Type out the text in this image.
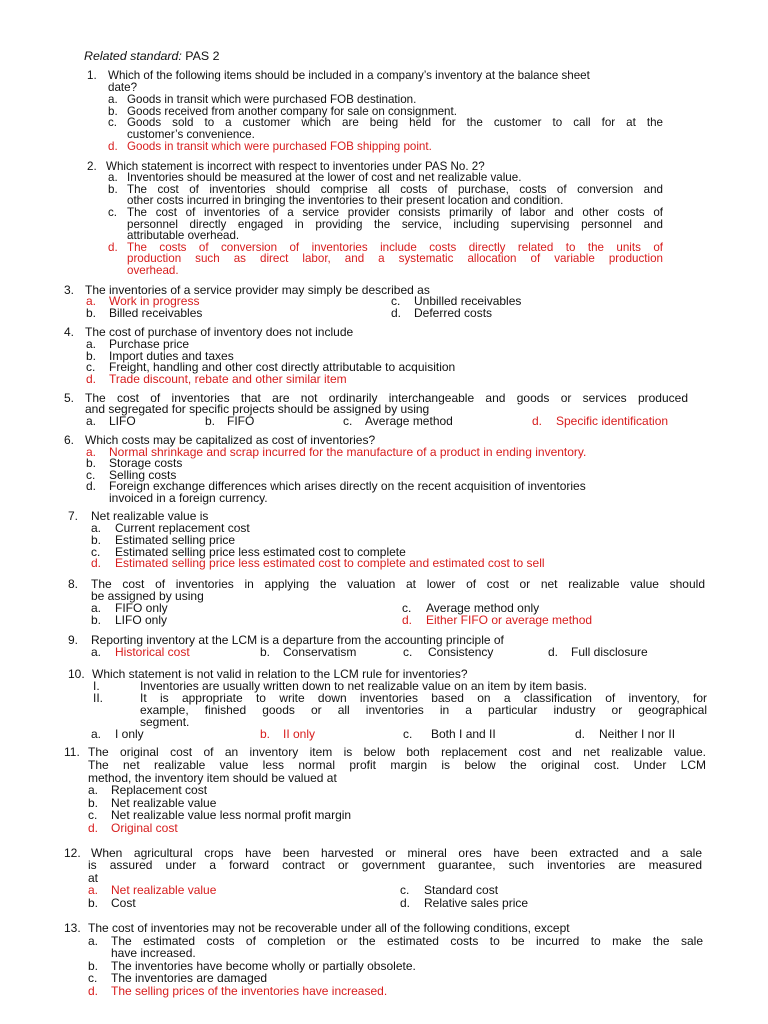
Related standard: PAS 2
1. Which of the following items should be included in a company’s inventory at the balance sheet
date?
a. Goods in transit which were purchased FOB destination.
b. Goods received from another company for sale on consignment.
c. Goods sold to a customer which are being held for the customer to call for at the
customer’s convenience.
d. Goods in transit which were purchased FOB shipping point.
2. Which statement is incorrect with respect to inventories under PAS No. 2?
a. Inventories should be measured at the lower of cost and net realizable value.
b. The cost of inventories should comprise all costs of purchase, costs of conversion and
other costs incurred in bringing the inventories to their present location and condition.
c. The cost of inventories of a service provider consists primarily of labor and other costs of
personnel directly engaged in providing the service, including supervising personnel and
attributable overhead.
d. The costs of conversion of inventories include costs directly related to the units of
production such as direct labor, and a systematic allocation of variable production
overhead.
3. The inventories of a service provider may simply be described as
a. Work in progress
b. Billed receivables
c. Unbilled receivables
d. Deferred costs
4. The cost of purchase of inventory does not include
a. Purchase price
b. Import duties and taxes
c. Freight, handling and other cost directly attributable to acquisition
d. Trade discount, rebate and other similar item
5. The cost of inventories that are not ordinarily interchangeable and goods or services produced
and segregated for specific projects should be assigned by using
a. LIFO	b. FIFO	c. Average method	d. Specific identification
6. Which costs may be capitalized as cost of inventories?
a. Normal shrinkage and scrap incurred for the manufacture of a product in ending inventory.
b. Storage costs
c. Selling costs
d. Foreign exchange differences which arises directly on the recent acquisition of inventories
invoiced in a foreign currency.
7. Net realizable value is
a. Current replacement cost
b. Estimated selling price
c. Estimated selling price less estimated cost to complete
d. Estimated selling price less estimated cost to complete and estimated cost to sell
8. The cost of inventories in applying the valuation at lower of cost or net realizable value should
be assigned by using
a. FIFO only
b. LIFO only
c. Average method only
d. Either FIFO or average method
9. Reporting inventory at the LCM is a departure from the accounting principle of
a. Historical cost	b. Conservatism	c. Consistency	d. Full disclosure
10. Which statement is not valid in relation to the LCM rule for inventories?
I.	Inventories are usually written down to net realizable value on an item by item basis.
II.	It is appropriate to write down inventories based on a classification of inventory, for
example, finished goods or all inventories in a particular industry or geographical
segment.
a. I only	b. II only	c. Both I and II	d. Neither I nor II
11. The original cost of an inventory item is below both replacement cost and net realizable value.
The net realizable value less normal profit margin is below the original cost. Under LCM
method, the inventory item should be valued at
a. Replacement cost
b. Net realizable value
c. Net realizable value less normal profit margin
d. Original cost
12. When agricultural crops have been harvested or mineral ores have been extracted and a sale
is assured under a forward contract or government guarantee, such inventories are measured
at
a. Net realizable value
b. Cost
c. Standard cost
d. Relative sales price
13. The cost of inventories may not be recoverable under all of the following conditions, except
a. The estimated costs of completion or the estimated costs to be incurred to make the sale
have increased.
b. The inventories have become wholly or partially obsolete.
c. The inventories are damaged
d. The selling prices of the inventories have increased.
